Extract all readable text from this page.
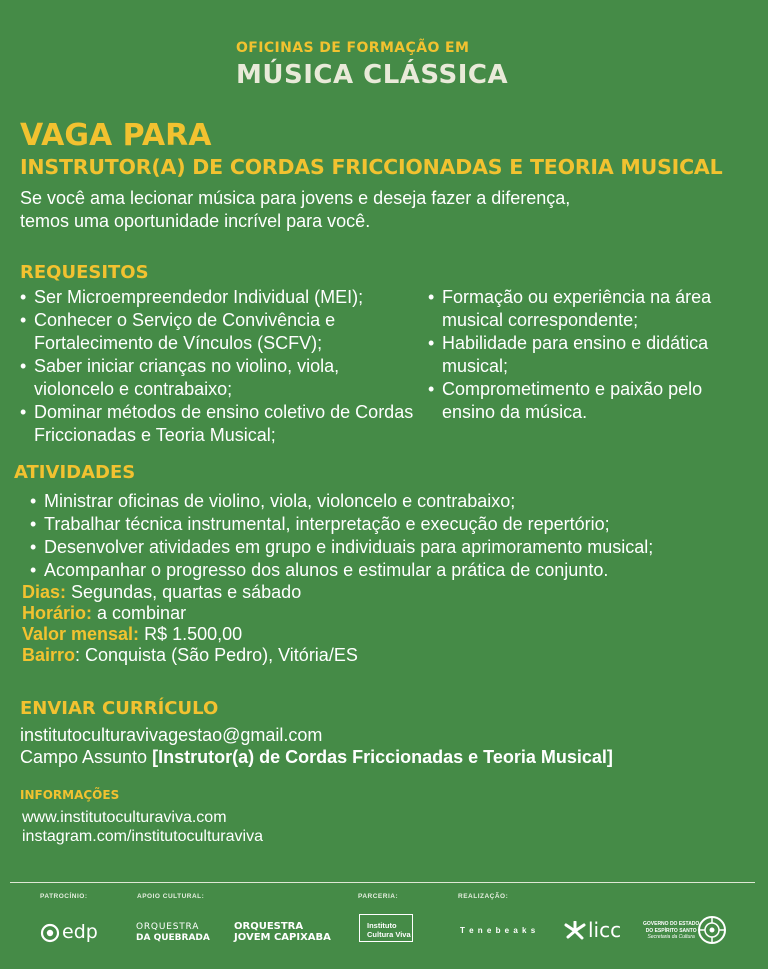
OFICINAS DE FORMAÇÃO EM
MÚSICA CLÁSSICA
VAGA PARA
INSTRUTOR(A) DE CORDAS FRICCIONADAS E TEORIA MUSICAL
Se você ama lecionar música para jovens e deseja fazer a diferença,
temos uma oportunidade incrível para você.
REQUESITOS
• Ser Microempreendedor Individual (MEI);
• Conhecer o Serviço de Convivência e Fortalecimento de Vínculos (SCFV);
• Saber iniciar crianças no violino, viola, violoncelo e contrabaixo;
• Dominar métodos de ensino coletivo de Cordas Friccionadas e Teoria Musical;
• Formação ou experiência na área musical correspondente;
• Habilidade para ensino e didática musical;
• Comprometimento e paixão pelo ensino da música.
ATIVIDADES
• Ministrar oficinas de violino, viola, violoncelo e contrabaixo;
• Trabalhar técnica instrumental, interpretação e execução de repertório;
• Desenvolver atividades em grupo e individuais para aprimoramento musical;
• Acompanhar o progresso dos alunos e estimular a prática de conjunto.
Dias: Segundas, quartas e sábado
Horário: a combinar
Valor mensal: R$ 1.500,00
Bairro: Conquista (São Pedro), Vitória/ES
ENVIAR CURRÍCULO
institutoculturavivagestao@gmail.com
Campo Assunto [Instrutor(a) de Cordas Friccionadas e Teoria Musical]
INFORMAÇÕES
www.institutoculturaviva.com
instagram.com/institutoculturaviva
PATROCÍNIO:	APOIO CULTURAL:	PARCERIA:	REALIZAÇÃO:
edp	ORQUESTRA
DA QUEBRADA
ORQUESTRA
JOVEM CAPIXABA
Instituto
Cultura Viva	T e n e b e a k s	licc	GOVERNO DO ESTADO
DO ESPÍRITO SANTO
Secretaria da Cultura
